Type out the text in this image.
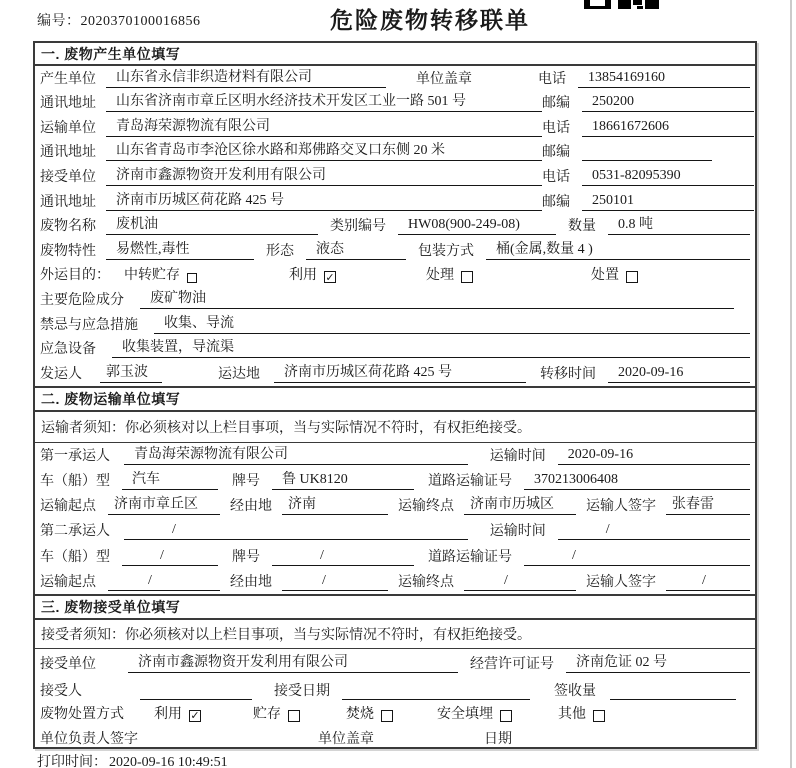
编号：2020370100016856	危险废物转移联单
一. 废物产生单位填写
产生单位	山东省永信非织造材料有限公司	单位盖章	电话	13854169160
通讯地址	山东省济南市章丘区明水经济技术开发区工业一路 501 号	邮编	250200
运输单位	青岛海荣源物流有限公司	电话	18661672606
通讯地址	山东省青岛市李沧区徐水路和郑佛路交叉口东侧 20 米	邮编
接受单位	济南市鑫源物资开发利用有限公司	电话	0531-82095390
通讯地址	济南市历城区荷花路 425 号	邮编	250101
废物名称	废机油	类别编号	HW08(900-249-08)	数量	0.8 吨
废物特性	易燃性,毒性	形态	液态	包装方式	桶(金属,数量 4 )
外运目的： 中转贮存	利用 ✓	处理	处置
主要危险成分	废矿物油
禁忌与应急措施	收集、导流
应急设备	收集装置，导流渠
发运人	郭玉波	运达地	济南市历城区荷花路 425 号	转移时间	2020-09-16
二. 废物运输单位填写
运输者须知：你必须核对以上栏目事项，当与实际情况不符时，有权拒绝接受。
第一承运人	青岛海荣源物流有限公司	运输时间	2020-09-16
车（船）型	汽车	牌号	鲁 UK8120	道路运输证号	370213006408
运输起点	济南市章丘区	经由地	济南	运输终点	济南市历城区	运输人签字	张春雷
第二承运人	/	运输时间	/
车（船）型	/	牌号	/	道路运输证号	/
运输起点	/	经由地	/	运输终点	/	运输人签字	/
三. 废物接受单位填写
接受者须知：你必须核对以上栏目事项，当与实际情况不符时，有权拒绝接受。
接受单位	济南市鑫源物资开发利用有限公司	经营许可证号	济南危证 02 号
接受人	接受日期	签收量
废物处置方式 利用 ✓	贮存	焚烧	安全填埋	其他
单位负责人签字	单位盖章	日期
打印时间： 2020-09-16 10:49:51
